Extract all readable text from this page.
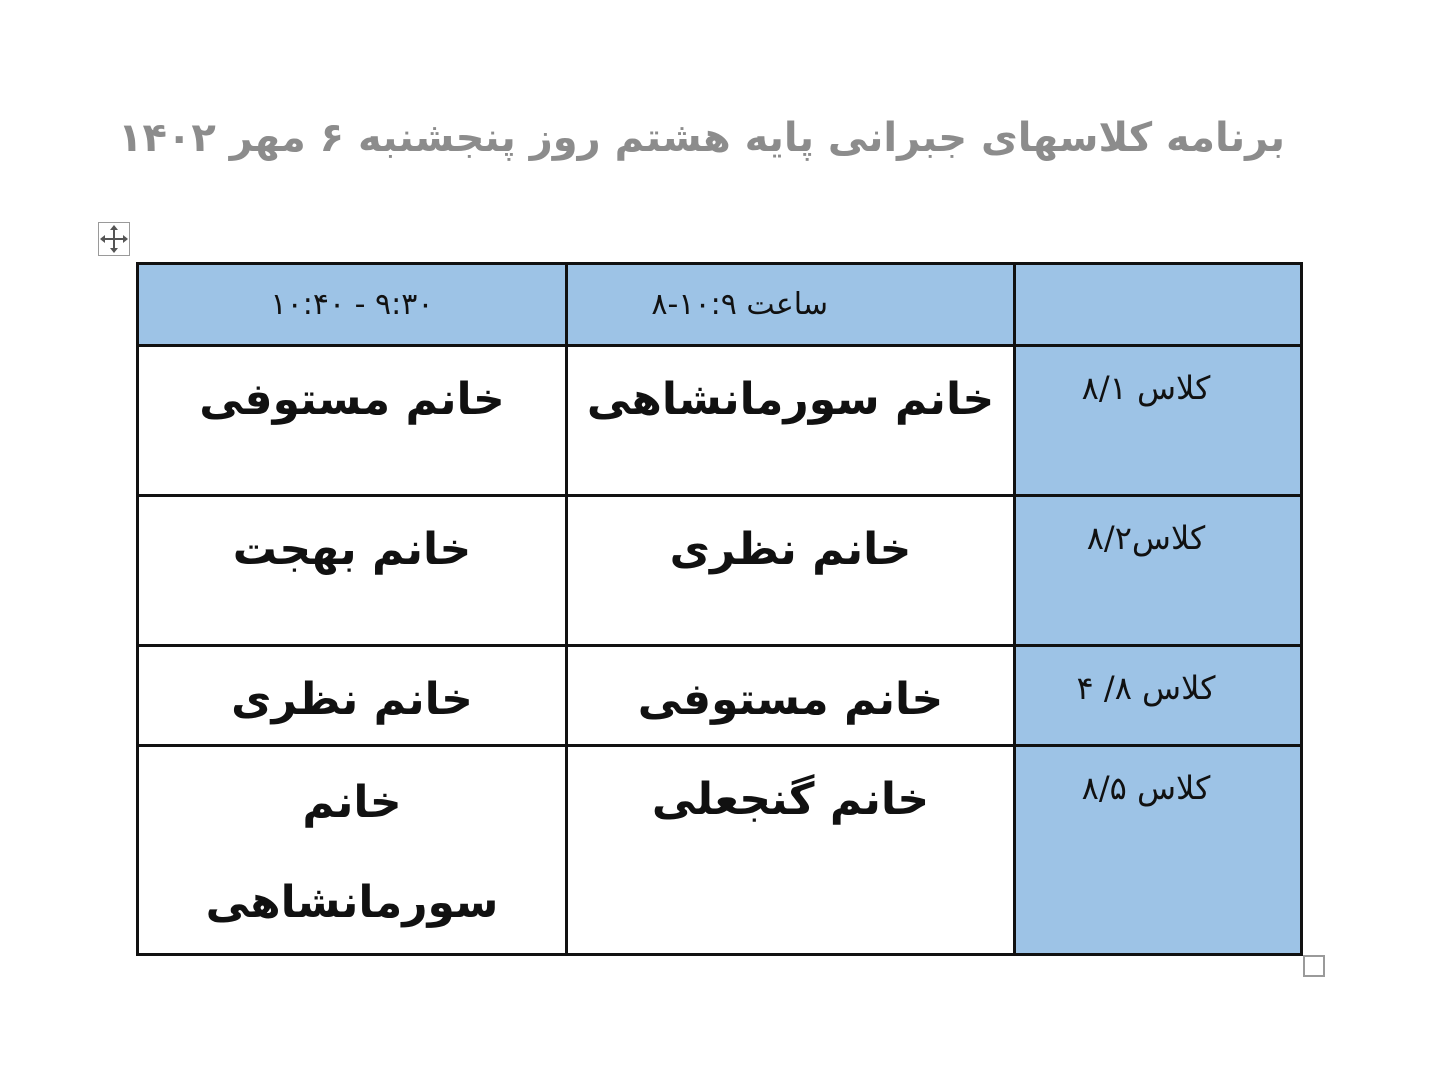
برنامه کلاسهای جبرانی پایه هشتم روز پنجشنبه ۶ مهر ۱۴۰۲
	ساعت ۱۰:۹-۸	۹:۳۰ - ۱۰:۴۰
کلاس ۸/۱	خانم سورمانشاهی	خانم مستوفی

کلاس۸/۲	خانم نظری	خانم بهجت

کلاس ۸/ ۴	خانم مستوفی	خانم نظری

کلاس ۸/۵	خانم گنجعلی	خانم سورمانشاهی
